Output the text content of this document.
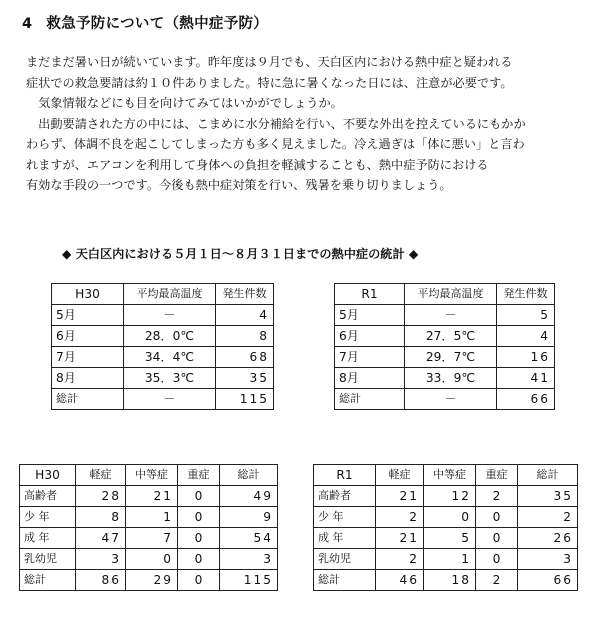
4 救急予防について（熱中症予防）
まだまだ暑い日が続いています。昨年度は９月でも、天白区内における熱中症と疑われる
症状での救急要請は約１０件ありました。特に急に暑くなった日には、注意が必要です。
　気象情報などにも目を向けてみてはいかがでしょうか。
　出動要請された方の中には、こまめに水分補給を行い、不要な外出を控えているにもかか
わらず、体調不良を起こしてしまった方も多く見えました。冷え過ぎは「体に悪い」と言わ
れますが、エアコンを利用して身体への負担を軽減することも、熱中症予防における
有効な手段の一つです。今後も熱中症対策を行い、残暑を乗り切りましょう。
◆ 天白区内における５月１日～８月３１日までの熱中症の統計 ◆
H30	平均最高温度	発生件数
5月	－	4
6月	28．0℃	8
7月	34．4℃	68
8月	35．3℃	35
総計	－	115
R1	平均最高温度	発生件数
5月	－	5
6月	27．5℃	4
7月	29．7℃	16
8月	33．9℃	41
総計	－	66
H30	軽症	中等症	重症	総計
高齢者	28	21	0	49
少 年	8	1	0	9
成 年	47	7	0	54
乳幼児	3	0	0	3
総計	86	29	0	115
R1	軽症	中等症	重症	総計
高齢者	21	12	2	35
少 年	2	0	0	2
成 年	21	5	0	26
乳幼児	2	1	0	3
総計	46	18	2	66
